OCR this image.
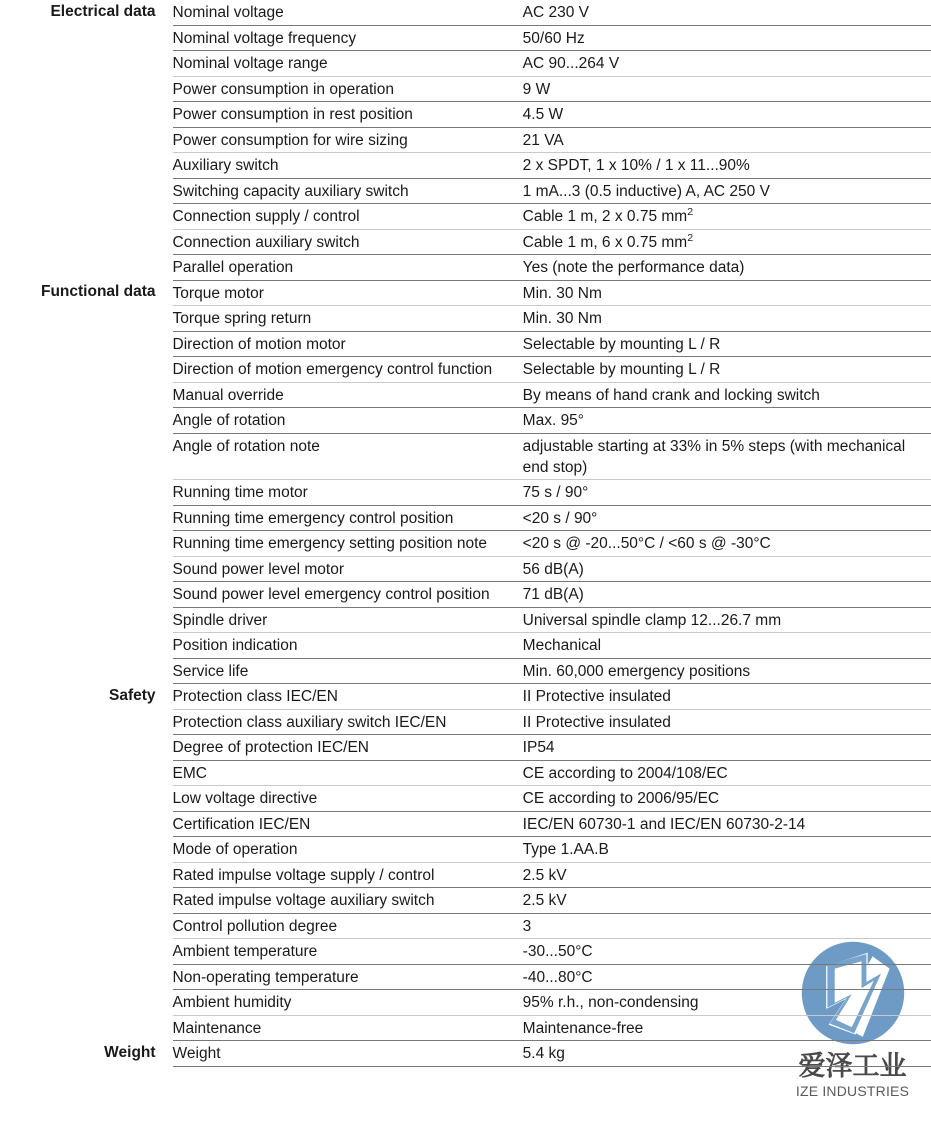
爱泽工业
IZE INDUSTRIES
Electrical data	Nominal voltage	AC 230 V
	Nominal voltage frequency	50/60 Hz
	Nominal voltage range	AC 90...264 V
	Power consumption in operation	9 W
	Power consumption in rest position	4.5 W
	Power consumption for wire sizing	21 VA
	Auxiliary switch	2 x SPDT, 1 x 10% / 1 x 11...90%
	Switching capacity auxiliary switch	1 mA...3 (0.5 inductive) A, AC 250 V
	Connection supply / control	Cable 1 m, 2 x 0.75 $mm^2$
	Connection auxiliary switch	Cable 1 m, 6 x 0.75 $mm^2$
	Parallel operation	Yes (note the performance data)
Functional data	Torque motor	Min. 30 Nm
	Torque spring return	Min. 30 Nm
	Direction of motion motor	Selectable by mounting L / R
	Direction of motion emergency control function	Selectable by mounting L / R
	Manual override	By means of hand crank and locking switch
	Angle of rotation	Max. 95°
	Angle of rotation note	adjustable starting at 33% in 5% steps (with mechanical end stop)
	Running time motor	75 s / 90°
	Running time emergency control position	<20 s / 90°
	Running time emergency setting position note	<20 s @ -20...50°C / <60 s @ -30°C
	Sound power level motor	56 dB(A)
	Sound power level emergency control position	71 dB(A)
	Spindle driver	Universal spindle clamp 12...26.7 mm
	Position indication	Mechanical
	Service life	Min. 60,000 emergency positions
Safety	Protection class IEC/EN	II Protective insulated
	Protection class auxiliary switch IEC/EN	II Protective insulated
	Degree of protection IEC/EN	IP54
	EMC	CE according to 2004/108/EC
	Low voltage directive	CE according to 2006/95/EC
	Certification IEC/EN	IEC/EN 60730-1 and IEC/EN 60730-2-14
	Mode of operation	Type 1.AA.B
	Rated impulse voltage supply / control	2.5 kV
	Rated impulse voltage auxiliary switch	2.5 kV
	Control pollution degree	3
	Ambient temperature	-30...50°C
	Non-operating temperature	-40...80°C
	Ambient humidity	95% r.h., non-condensing
	Maintenance	Maintenance-free
Weight	Weight	5.4 kg
